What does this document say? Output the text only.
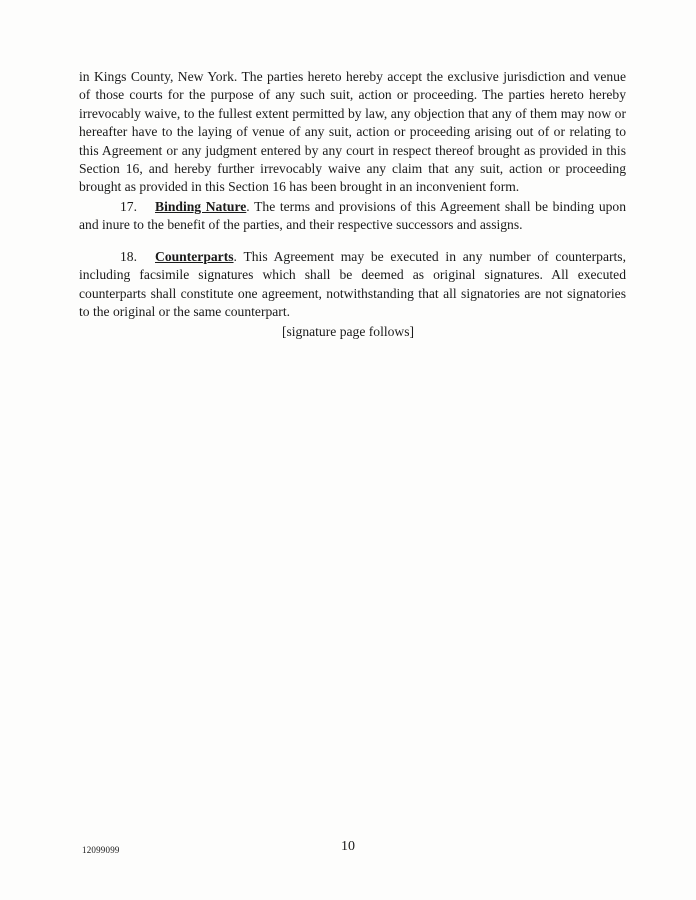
in Kings County, New York. The parties hereto hereby accept the exclusive jurisdiction and venue of those courts for the purpose of any such suit, action or proceeding. The parties hereto hereby irrevocably waive, to the fullest extent permitted by law, any objection that any of them may now or hereafter have to the laying of venue of any suit, action or proceeding arising out of or relating to this Agreement or any judgment entered by any court in respect thereof brought as provided in this Section 16, and hereby further irrevocably waive any claim that any suit, action or proceeding brought as provided in this Section 16 has been brought in an inconvenient form.

17. Binding Nature. The terms and provisions of this Agreement shall be binding upon and inure to the benefit of the parties, and their respective successors and assigns.

18. Counterparts. This Agreement may be executed in any number of counterparts, including facsimile signatures which shall be deemed as original signatures. All executed counterparts shall constitute one agreement, notwithstanding that all signatories are not signatories to the original or the same counterpart.

[signature page follows]
12099099	10
